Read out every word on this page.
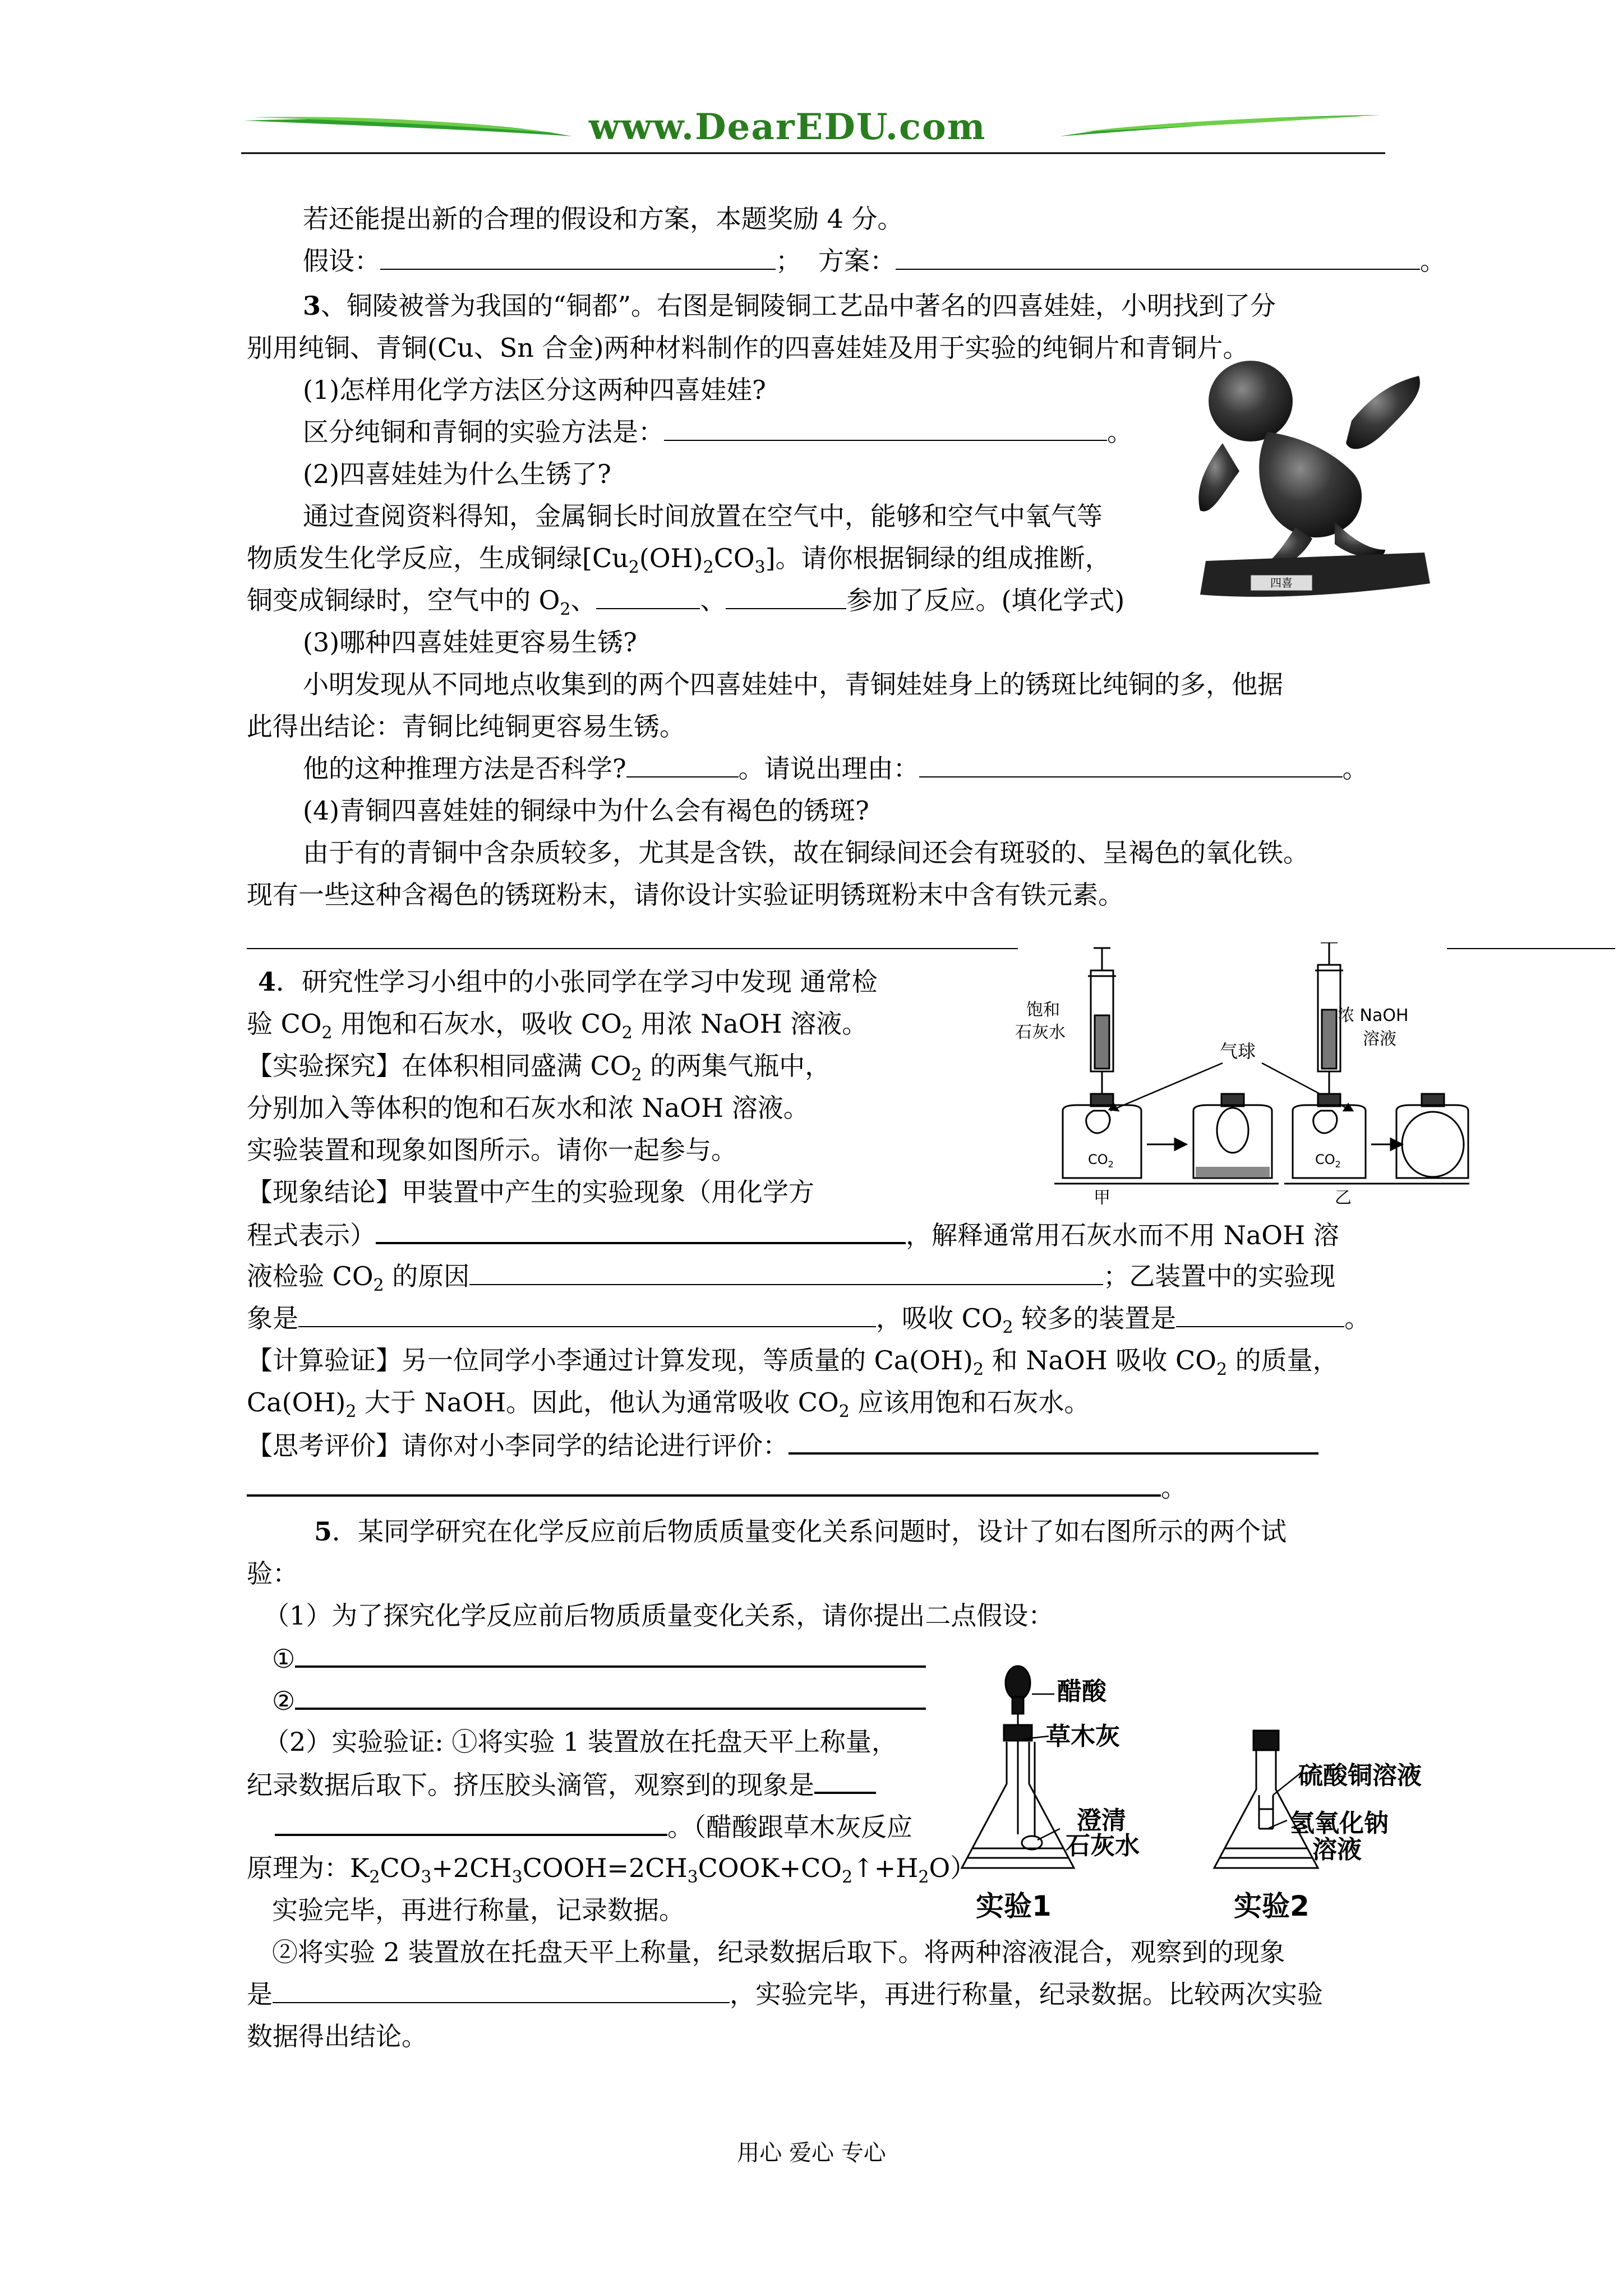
www.DearEDU.com
若还能提出新的合理的假设和方案，本题奖励 4 分。
假设：	； 方案：	。
3、铜陵被誉为我国的“铜都”。右图是铜陵铜工艺品中著名的四喜娃娃，小明找到了分
别用纯铜、青铜(Cu、Sn 合金)两种材料制作的四喜娃娃及用于实验的纯铜片和青铜片。
(1)怎样用化学方法区分这两种四喜娃娃?
区分纯铜和青铜的实验方法是：	。
(2)四喜娃娃为什么生锈了?
通过查阅资料得知，金属铜长时间放置在空气中，能够和空气中氧气等
物质发生化学反应，生成铜绿$[Cu_2(OH)_2CO_3]$。请你根据铜绿的组成推断，
铜变成铜绿时，空气中的 $O_2$、	、	参加了反应。(填化学式)
(3)哪种四喜娃娃更容易生锈?
小明发现从不同地点收集到的两个四喜娃娃中，青铜娃娃身上的锈斑比纯铜的多，他据
此得出结论：青铜比纯铜更容易生锈。
他的这种推理方法是否科学?	。请说出理由：	。
(4)青铜四喜娃娃的铜绿中为什么会有褐色的锈斑?
由于有的青铜中含杂质较多，尤其是含铁，故在铜绿间还会有斑驳的、呈褐色的氧化铁。
现有一些这种含褐色的锈斑粉末，请你设计实验证明锈斑粉末中含有铁元素。
四喜
4．研究性学习小组中的小张同学在学习中发现 通常检
验 $CO_2$ 用饱和石灰水，吸收 $CO_2$ 用浓 NaOH 溶液。
【实验探究】在体积相同盛满 $CO_2$ 的两集气瓶中，
分别加入等体积的饱和石灰水和浓 NaOH 溶液。
实验装置和现象如图所示。请你一起参与。
【现象结论】甲装置中产生的实验现象（用化学方
程式表示）	，解释通常用石灰水而不用 NaOH 溶
液检验 $CO_2$ 的原因	；乙装置中的实验现
象是	，吸收 $CO_2$ 较多的装置是	。
【计算验证】另一位同学小李通过计算发现，等质量的 $Ca(OH)_2$ 和 NaOH 吸收 $CO_2$ 的质量，
$Ca(OH)_2$ 大于 NaOH。因此，他认为通常吸收 $CO_2$ 应该用饱和石灰水。
【思考评价】请你对小李同学的结论进行评价：
。
饱和
石灰水
$CO_2$
甲
气球
浓 NaOH
溶液
$CO_2$
乙
5．某同学研究在化学反应前后物质质量变化关系问题时，设计了如右图所示的两个试
验：
（1）为了探究化学反应前后物质质量变化关系，请你提出二点假设：
①
②
（2）实验验证: ①将实验 1 装置放在托盘天平上称量，
纪录数据后取下。挤压胶头滴管，观察到的现象是
。（醋酸跟草木灰反应
原理为：$K_2CO_3+2CH_3COOH=2CH_3COOK+CO_2↑+H_2O$）
实验完毕，再进行称量，记录数据。
②将实验 2 装置放在托盘天平上称量，纪录数据后取下。将两种溶液混合，观察到的现象
是	，实验完毕，再进行称量，纪录数据。比较两次实验
数据得出结论。
醋酸
草木灰
澄清
石灰水
实验1
硫酸铜溶液
氢氧化钠
溶液
实验2
用心 爱心 专心
